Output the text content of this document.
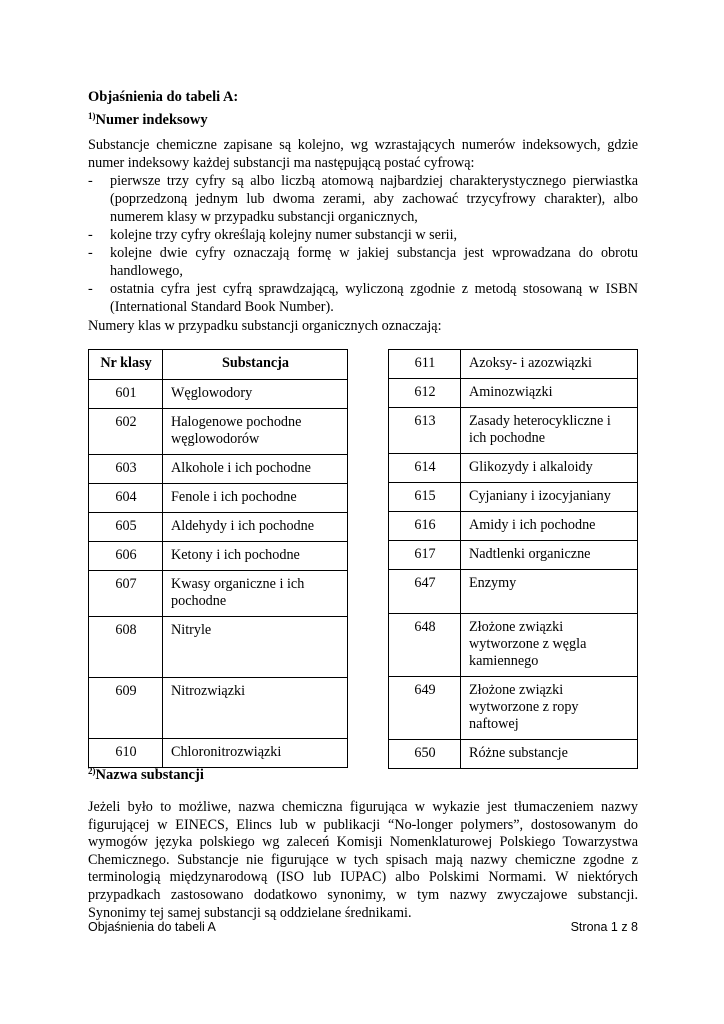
Objaśnienia do tabeli A:
$^{1)}$Numer indeksowy
Substancje chemiczne zapisane są kolejno, wg wzrastających numerów indeksowych, gdzie numer indeksowy każdej substancji ma następującą postać cyfrową:
- pierwsze trzy cyfry są albo liczbą atomową najbardziej charakterystycznego pierwiastka (poprzedzoną jednym lub dwoma zerami, aby zachować trzycyfrowy charakter), albo numerem klasy w przypadku substancji organicznych,
- kolejne trzy cyfry określają kolejny numer substancji w serii,
- kolejne dwie cyfry oznaczają formę w jakiej substancja jest wprowadzana do obrotu handlowego,
- ostatnia cyfra jest cyfrą sprawdzającą, wyliczoną zgodnie z metodą stosowaną w ISBN (International Standard Book Number).
Numery klas w przypadku substancji organicznych oznaczają:
Nr klasy	Substancja
601	Węglowodory
602	Halogenowe pochodne węglowodorów
603	Alkohole i ich pochodne
604	Fenole i ich pochodne
605	Aldehydy i ich pochodne
606	Ketony i ich pochodne
607	Kwasy organiczne i ich pochodne
608	Nitryle
609	Nitrozwiązki
610	Chloronitrozwiązki
611	Azoksy- i azozwiązki
612	Aminozwiązki
613	Zasady heterocykliczne i ich pochodne
614	Glikozydy i alkaloidy
615	Cyjaniany i izocyjaniany
616	Amidy i ich pochodne
617	Nadtlenki organiczne
647	Enzymy
648	Złożone związki wytworzone z węgla kamiennego
649	Złożone związki wytworzone z ropy naftowej
650	Różne substancje
$^{2)}$Nazwa substancji
Jeżeli było to możliwe, nazwa chemiczna figurująca w wykazie jest tłumaczeniem nazwy figurującej w EINECS, Elincs lub w publikacji “No-longer polymers”, dostosowanym do wymogów języka polskiego wg zaleceń Komisji Nomenklaturowej Polskiego Towarzystwa Chemicznego. Substancje nie figurujące w tych spisach mają nazwy chemiczne zgodne z terminologią międzynarodową (ISO lub IUPAC) albo Polskimi Normami. W niektórych przypadkach zastosowano dodatkowo synonimy, w tym nazwy zwyczajowe substancji. Synonimy tej samej substancji są oddzielane średnikami.
Objaśnienia do tabeli A	Strona 1 z 8
